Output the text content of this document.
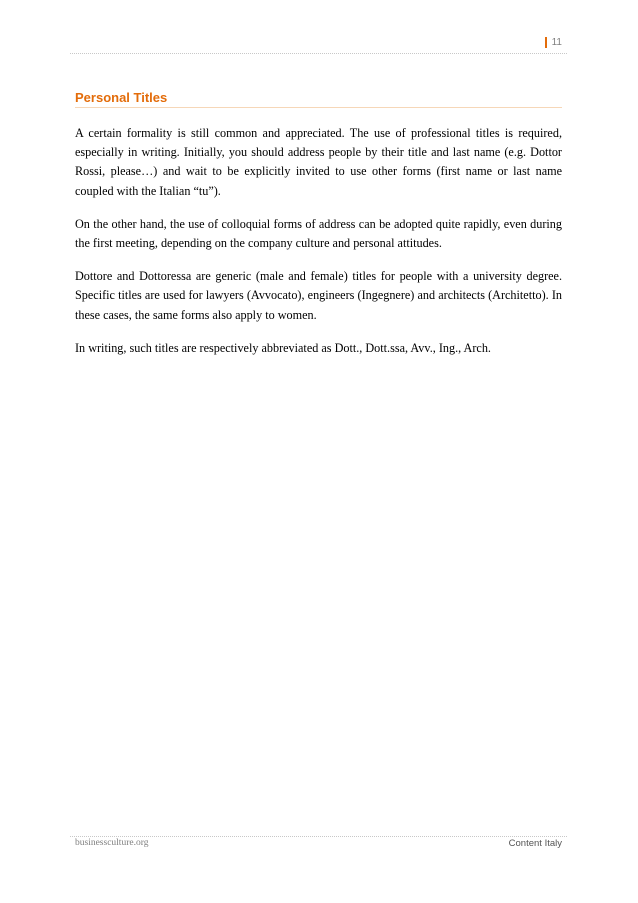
11
Personal Titles

A certain formality is still common and appreciated. The use of professional titles is required, especially in writing. Initially, you should address people by their title and last name (e.g. Dottor Rossi, please…) and wait to be explicitly invited to use other forms (first name or last name coupled with the Italian “tu”).

On the other hand, the use of colloquial forms of address can be adopted quite rapidly, even during the first meeting, depending on the company culture and personal attitudes.

Dottore and Dottoressa are generic (male and female) titles for people with a university degree. Specific titles are used for lawyers (Avvocato), engineers (Ingegnere) and architects (Architetto). In these cases, the same forms also apply to women.

In writing, such titles are respectively abbreviated as Dott., Dott.ssa, Avv., Ing., Arch.

businessculture.org	Content Italy
